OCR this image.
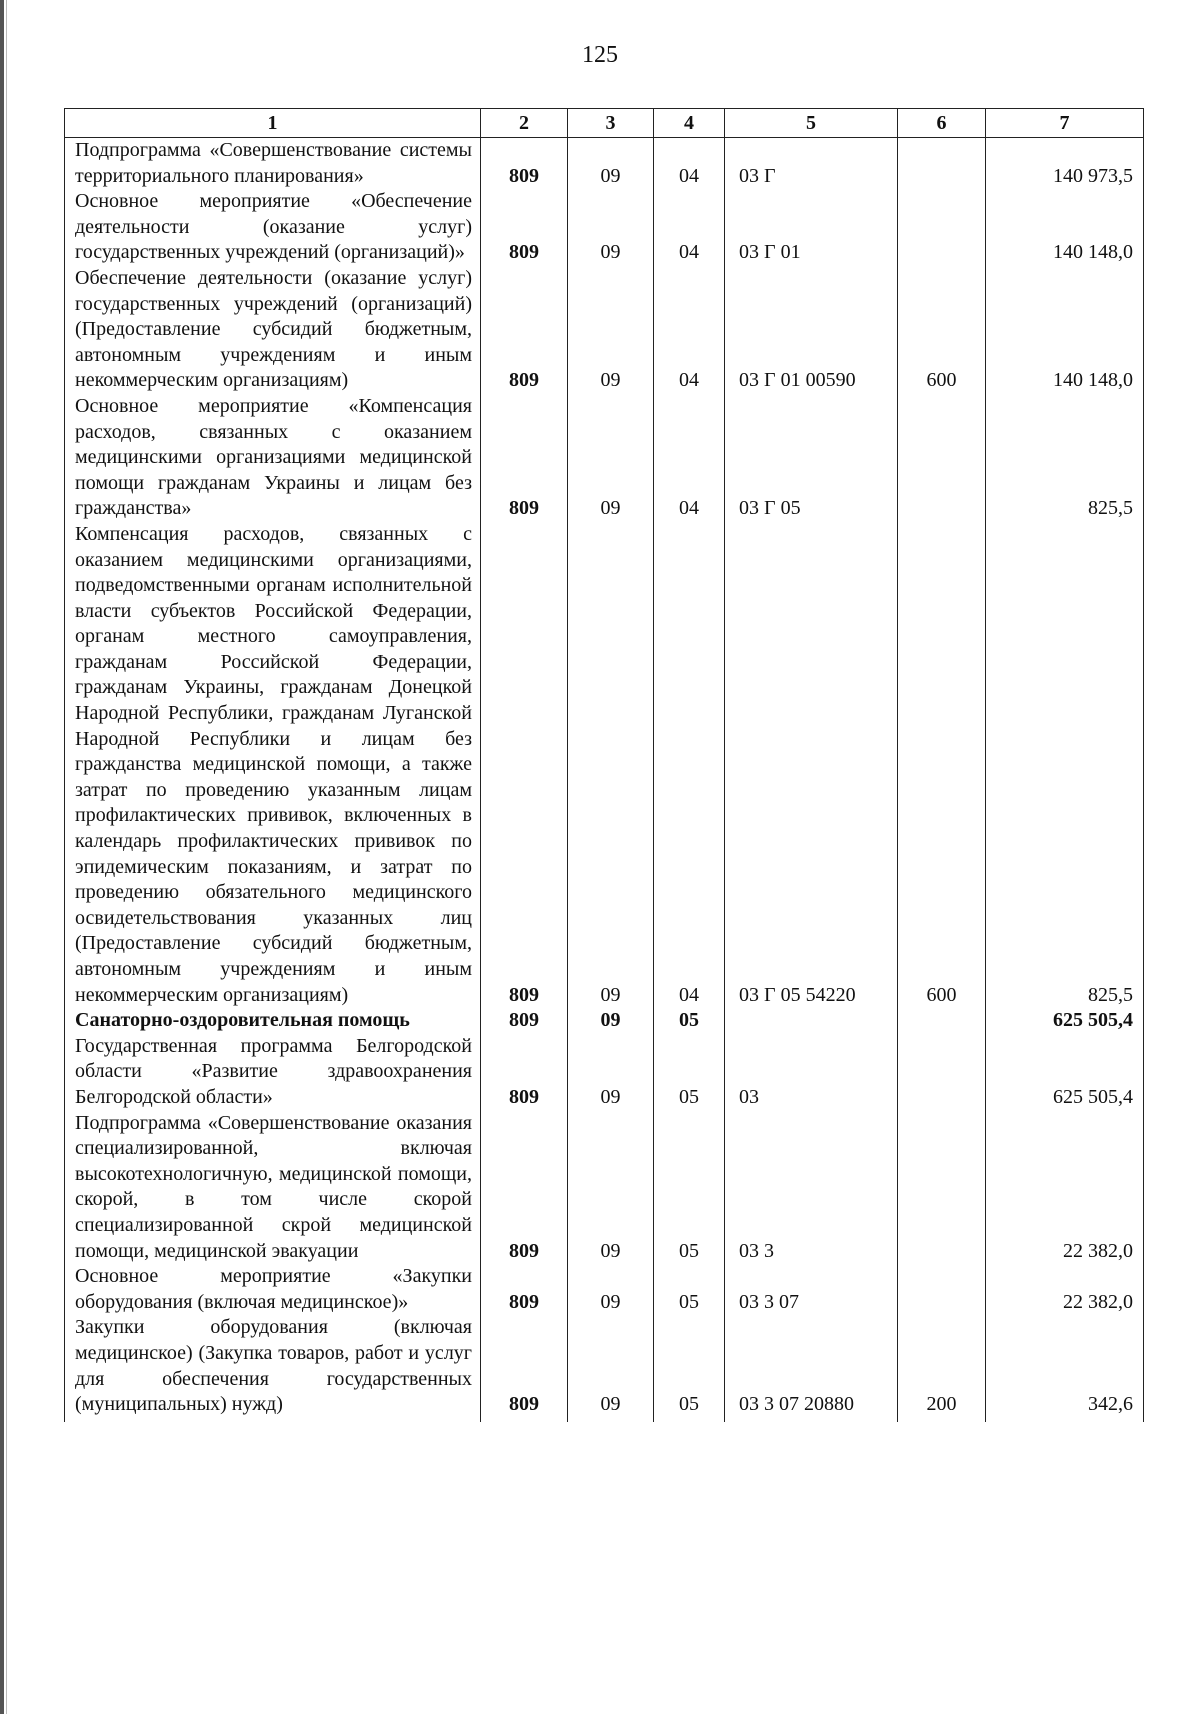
125
1	2	3	4	5	6	7
Подпрограмма «Совершенствование системы территориального планирования»	809	09	04	03 Г		140 973,5
Основное мероприятие «Обеспечение деятельности (оказание услуг) государственных учреждений (организаций)»	809	09	04	03 Г 01		140 148,0
Обеспечение деятельности (оказание услуг) государственных учреждений (организаций) (Предоставление субсидий бюджетным, автономным учреждениям и иным некоммерческим организациям)	809	09	04	03 Г 01 00590	600	140 148,0
Основное мероприятие «Компенсация расходов, связанных с оказанием медицинскими организациями медицинской помощи гражданам Украины и лицам без гражданства»	809	09	04	03 Г 05		825,5
Компенсация расходов, связанных с оказанием медицинскими организациями, подведомственными органам исполнительной власти субъектов Российской Федерации, органам местного самоуправления, гражданам Российской Федерации, гражданам Украины, гражданам Донецкой Народной Республики, гражданам Луганской Народной Республики и лицам без гражданства медицинской помощи, а также затрат по проведению указанным лицам профилактических прививок, включенных в календарь профилактических прививок по эпидемическим показаниям, и затрат по проведению обязательного медицинского освидетельствования указанных лиц (Предоставление субсидий бюджетным, автономным учреждениям и иным некоммерческим организациям)	809	09	04	03 Г 05 54220	600	825,5
Санаторно-оздоровительная помощь	809	09	05			625 505,4
Государственная программа Белгородской области «Развитие здравоохранения Белгородской области»	809	09	05	03		625 505,4
Подпрограмма «Совершенствование оказания специализированной, включая высокотехнологичную, медицинской помощи, скорой, в том числе скорой специализированной скрой медицинской помощи, медицинской эвакуации	809	09	05	03 3		22 382,0
Основное мероприятие «Закупки оборудования (включая медицинское)»	809	09	05	03 3 07		22 382,0
Закупки оборудования (включая медицинское) (Закупка товаров, работ и услуг для обеспечения государственных (муниципальных) нужд)	809	09	05	03 3 07 20880	200	342,6
